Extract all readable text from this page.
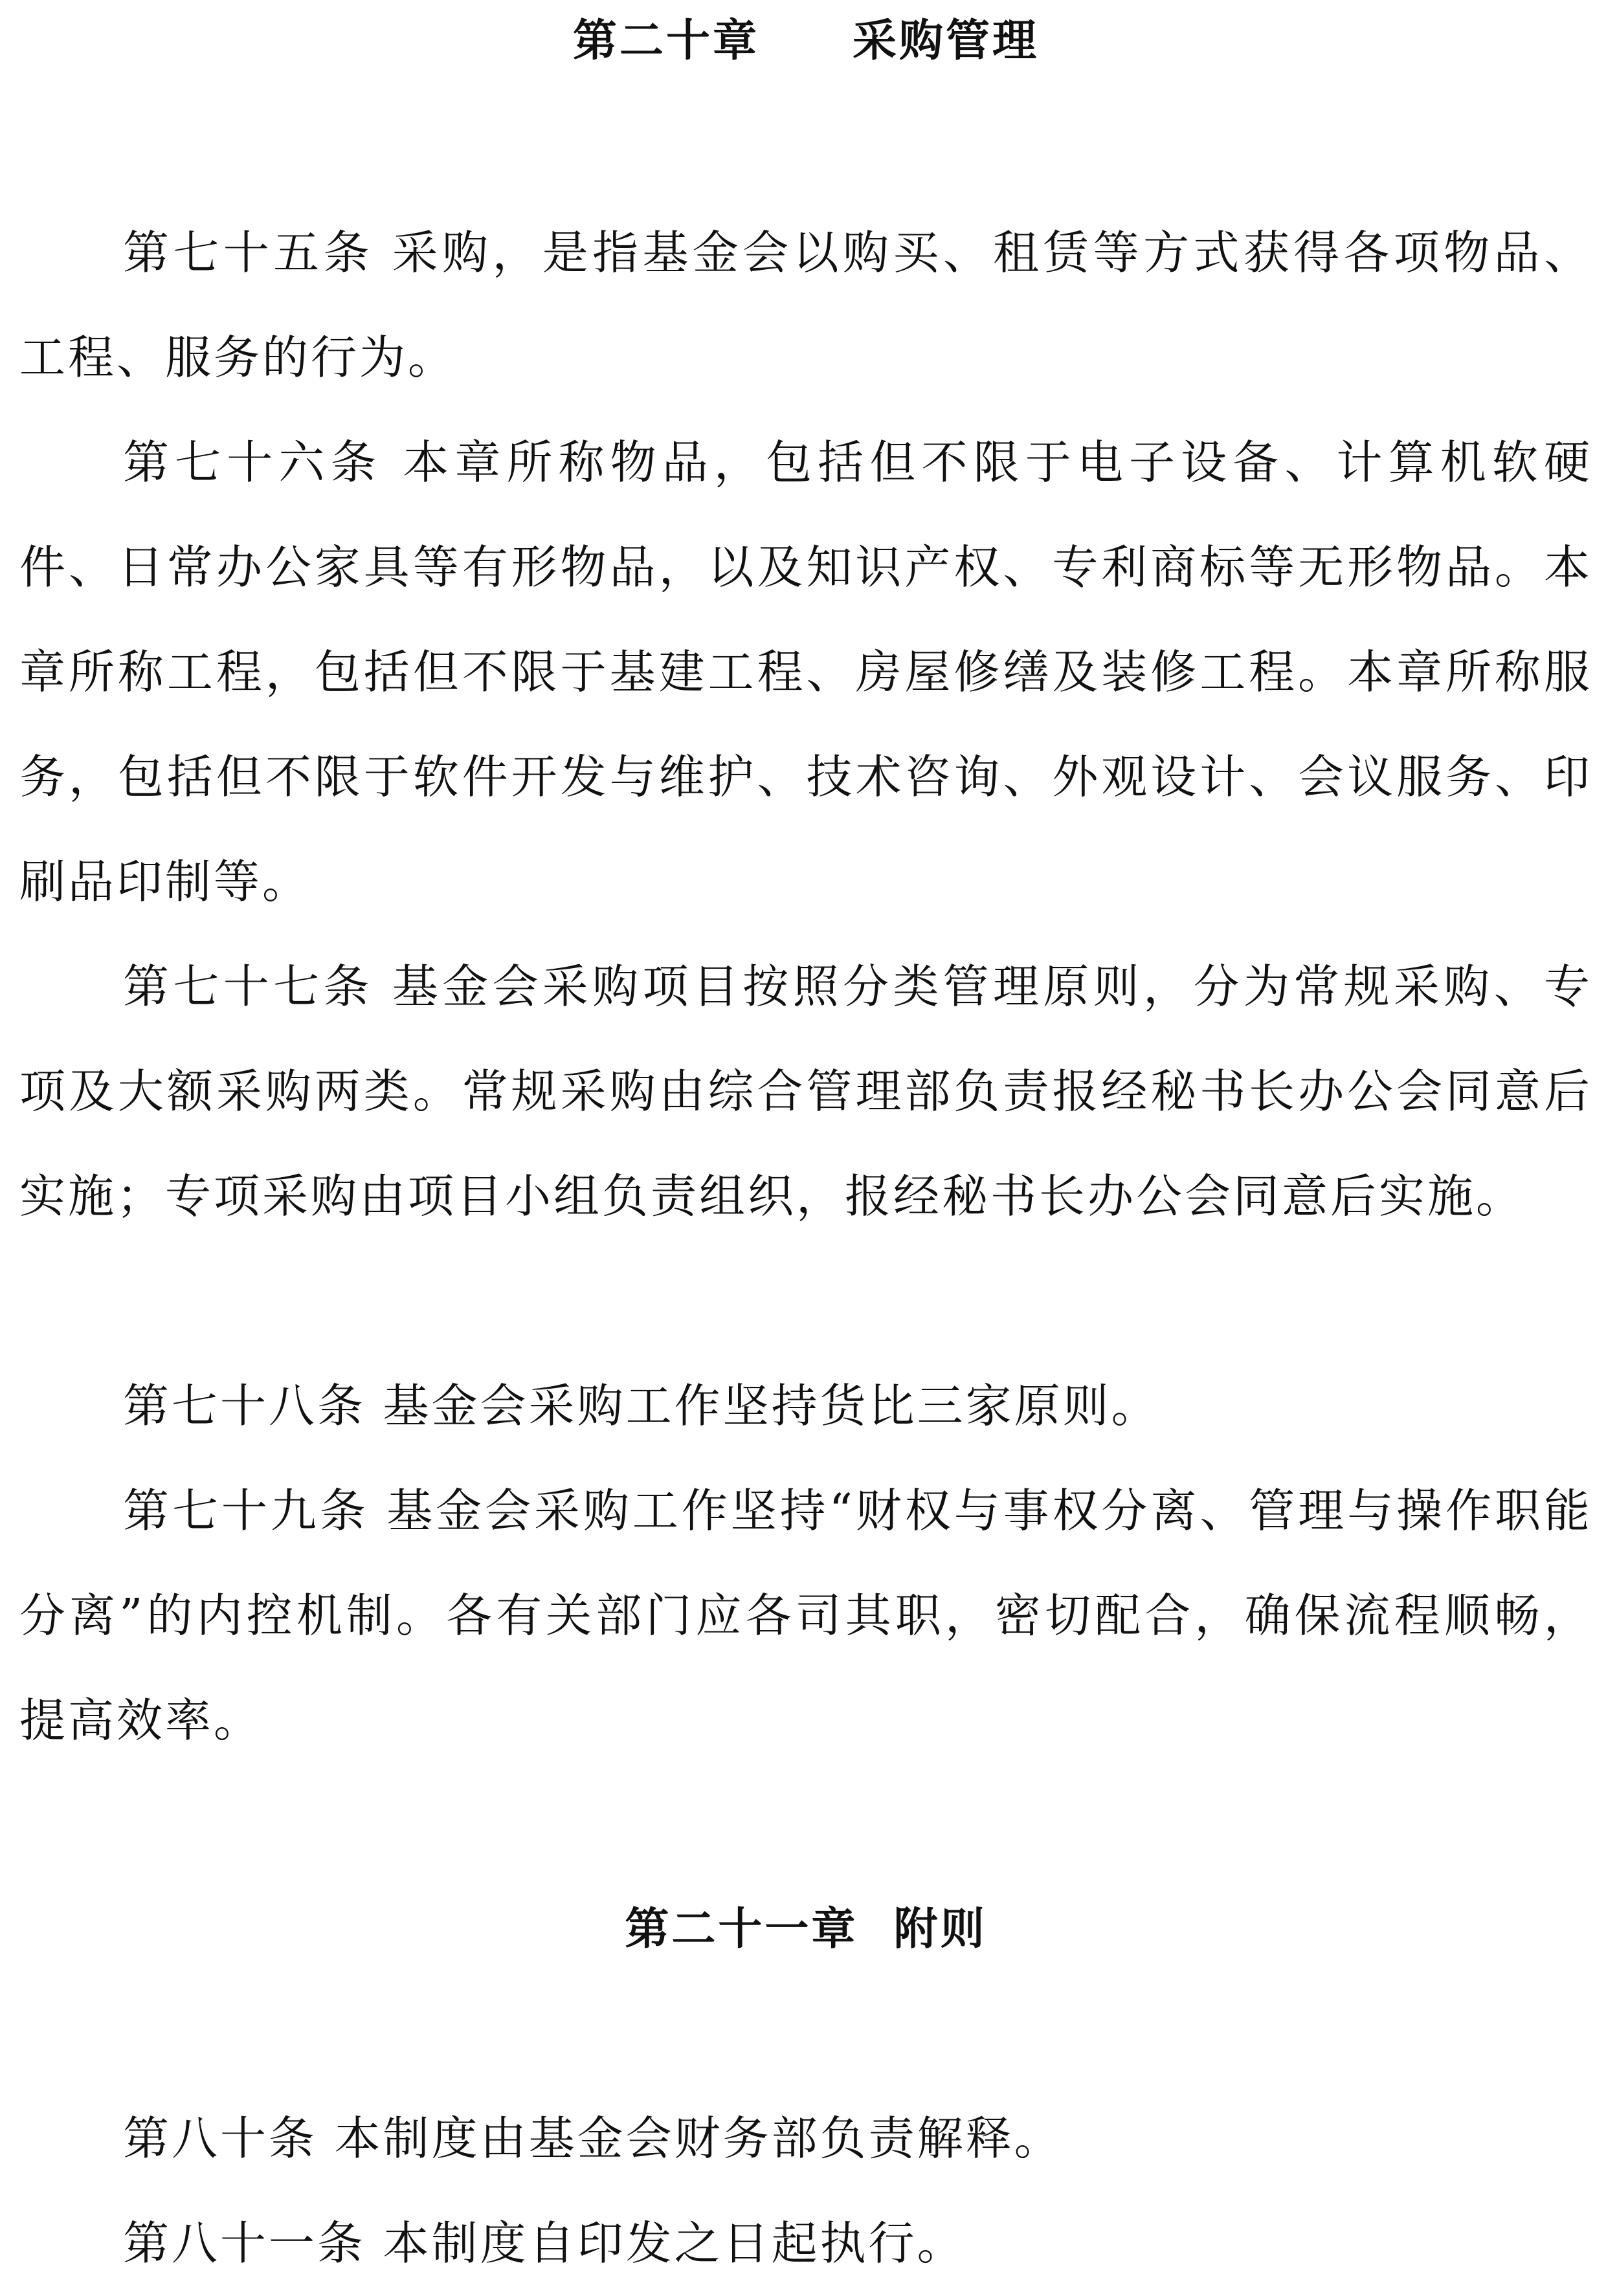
第二十章　　采购管理

第七十五条 采购，是指基金会以购买、租赁等方式获得各项物品、工程、服务的行为。

第七十六条 本章所称物品，包括但不限于电子设备、计算机软硬件、日常办公家具等有形物品，以及知识产权、专利商标等无形物品。本章所称工程，包括但不限于基建工程、房屋修缮及装修工程。本章所称服务，包括但不限于软件开发与维护、技术咨询、外观设计、会议服务、印刷品印制等。

第七十七条 基金会采购项目按照分类管理原则，分为常规采购、专项及大额采购两类。常规采购由综合管理部负责报经秘书长办公会同意后实施；专项采购由项目小组负责组织，报经秘书长办公会同意后实施。

第七十八条 基金会采购工作坚持货比三家原则。

第七十九条 基金会采购工作坚持“财权与事权分离、管理与操作职能分离”的内控机制。各有关部门应各司其职，密切配合，确保流程顺畅，提高效率。

第二十一章  附则

第八十条 本制度由基金会财务部负责解释。

第八十一条 本制度自印发之日起执行。
